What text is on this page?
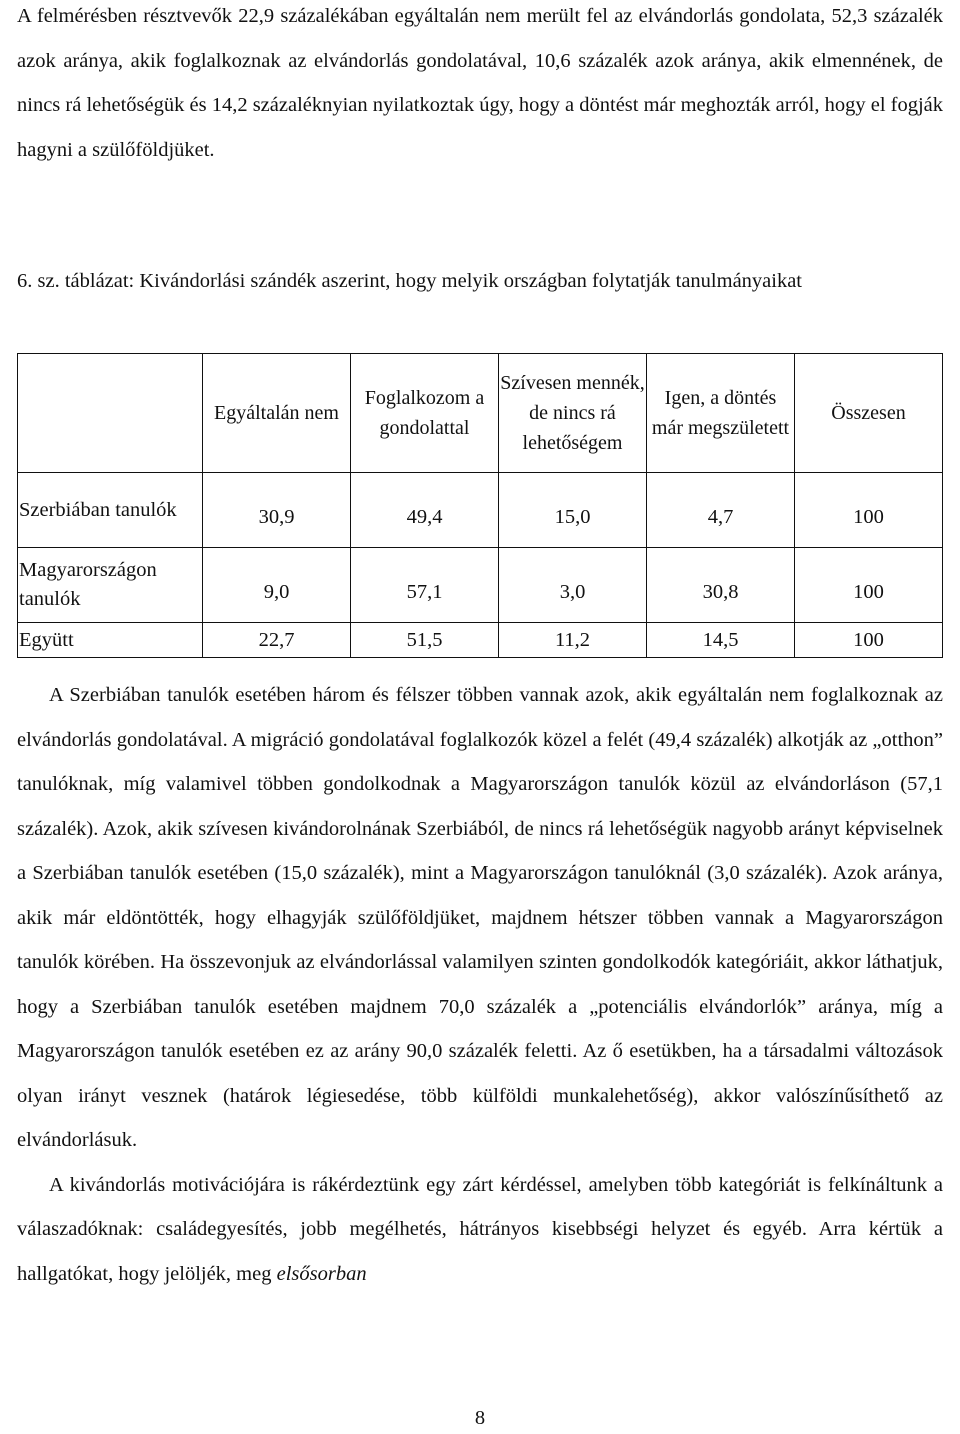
A felmérésben résztvevők 22,9 százalékában egyáltalán nem merült fel az elvándorlás gondolata, 52,3 százalék azok aránya, akik foglalkoznak az elvándorlás gondolatával, 10,6 százalék azok aránya, akik elmennének, de nincs rá lehetőségük és 14,2 százaléknyian nyilatkoztak úgy, hogy a döntést már meghozták arról, hogy el fogják hagyni a szülőföldjüket.

6. sz. táblázat: Kivándorlási szándék aszerint, hogy melyik országban folytatják tanulmányaikat

	Egyáltalán nem	Foglalkozom a gondolattal	Szívesen mennék, de nincs rá lehetőségem	Igen, a döntés már megszületett	Összesen
Szerbiában tanulók	30,9	49,4	15,0	4,7	100
Magyarországon tanulók	9,0	57,1	3,0	30,8	100
Együtt	22,7	51,5	11,2	14,5	100

A Szerbiában tanulók esetében három és félszer többen vannak azok, akik egyáltalán nem foglalkoznak az elvándorlás gondolatával. A migráció gondolatával foglalkozók közel a felét (49,4 százalék) alkotják az „otthon” tanulóknak, míg valamivel többen gondolkodnak a Magyarországon tanulók közül az elvándorláson (57,1 százalék). Azok, akik szívesen kivándorolnának Szerbiából, de nincs rá lehetőségük nagyobb arányt képviselnek a Szerbiában tanulók esetében (15,0 százalék), mint a Magyarországon tanulóknál (3,0 százalék). Azok aránya, akik már eldöntötték, hogy elhagyják szülőföldjüket, majdnem hétszer többen vannak a Magyarországon tanulók körében. Ha összevonjuk az elvándorlással valamilyen szinten gondolkodók kategóriáit, akkor láthatjuk, hogy a Szerbiában tanulók esetében majdnem 70,0 százalék a „potenciális elvándorlók” aránya, míg a Magyarországon tanulók esetében ez az arány 90,0 százalék feletti. Az ő esetükben, ha a társadalmi változások olyan irányt vesznek (határok légiesedése, több külföldi munkalehetőség), akkor valószínűsíthető az elvándorlásuk.

A kivándorlás motivációjára is rákérdeztünk egy zárt kérdéssel, amelyben több kategóriát is felkínáltunk a válaszadóknak: családegyesítés, jobb megélhetés, hátrányos kisebbségi helyzet és egyéb. Arra kértük a hallgatókat, hogy jelöljék, meg elsősorban

8
